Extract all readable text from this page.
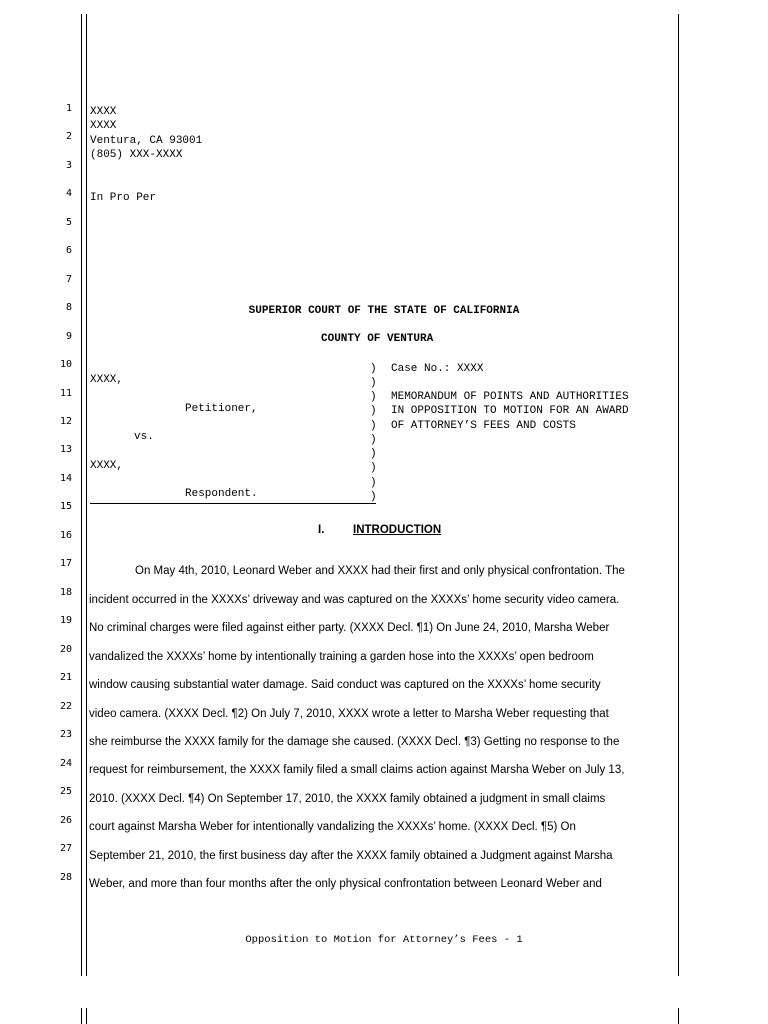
1
2
3
4
5
6
7
8
9
10
11
12
13
14
15
16
17
18
19
20
21
22
23
24
25
26
27
28
XXXX
XXXX
Ventura, CA 93001
(805) XXX-XXXX
In Pro Per
SUPERIOR COURT OF THE STATE OF CALIFORNIA
COUNTY OF VENTURA
XXXX,
Petitioner,
vs.
XXXX,
Respondent.
)
)
)
)
)
)
)
)
)
)
Case No.: XXXX
MEMORANDUM OF POINTS AND AUTHORITIES
IN OPPOSITION TO MOTION FOR AN AWARD
OF ATTORNEY’S FEES AND COSTS
I. INTRODUCTION
On May 4th, 2010, Leonard Weber and XXXX had their first and only physical confrontation. The
incident occurred in the XXXXs’ driveway and was captured on the XXXXs’ home security video camera.
No criminal charges were filed against either party. (XXXX Decl. ¶1) On June 24, 2010, Marsha Weber
vandalized the XXXXs’ home by intentionally training a garden hose into the XXXXs’ open bedroom
window causing substantial water damage. Said conduct was captured on the XXXXs’ home security
video camera. (XXXX Decl. ¶2) On July 7, 2010, XXXX wrote a letter to Marsha Weber requesting that
she reimburse the XXXX family for the damage she caused. (XXXX Decl. ¶3) Getting no response to the
request for reimbursement, the XXXX family filed a small claims action against Marsha Weber on July 13,
2010. (XXXX Decl. ¶4) On September 17, 2010, the XXXX family obtained a judgment in small claims
court against Marsha Weber for intentionally vandalizing the XXXXs’ home. (XXXX Decl. ¶5) On
September 21, 2010, the first business day after the XXXX family obtained a Judgment against Marsha
Weber, and more than four months after the only physical confrontation between Leonard Weber and
Opposition to Motion for Attorney’s Fees - 1
